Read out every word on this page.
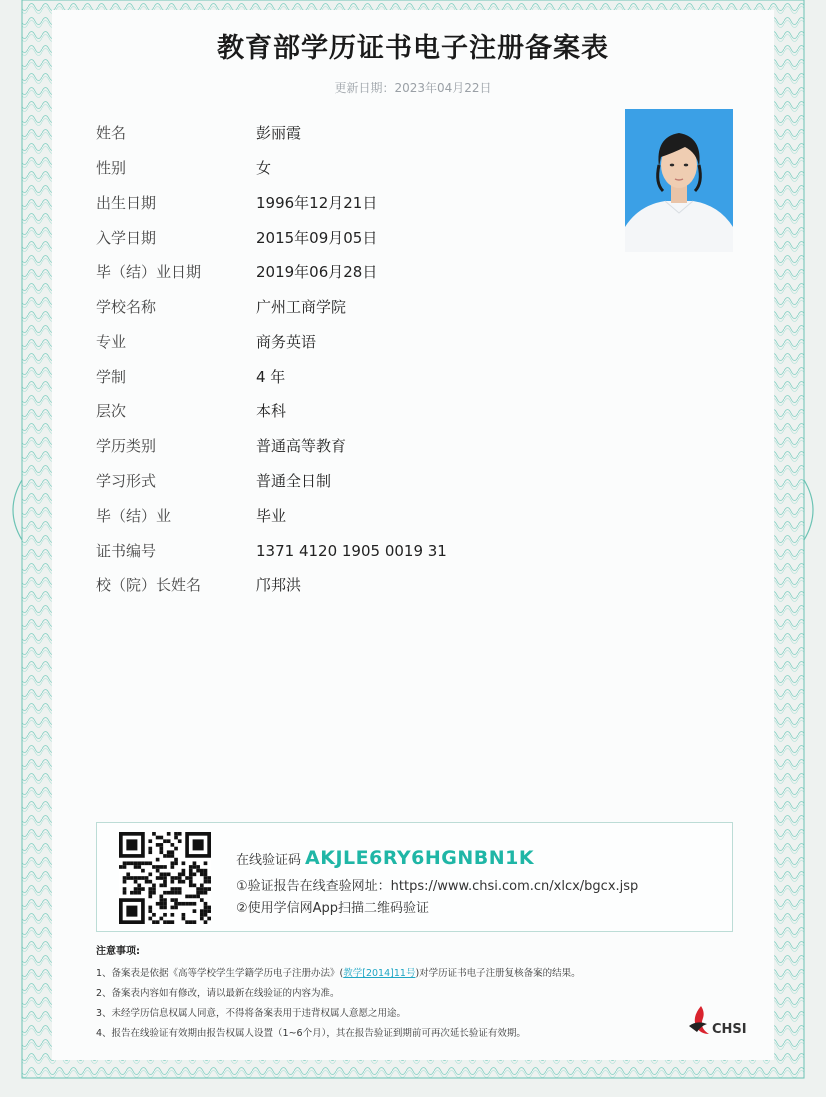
教育部学历证书电子注册备案表
更新日期：2023年04月22日
姓名	彭丽霞
性别	女
出生日期	1996年12月21日
入学日期	2015年09月05日
毕（结）业日期	2019年06月28日
学校名称	广州工商学院
专业	商务英语
学制	4 年
层次	本科
学历类别	普通高等教育
学习形式	普通全日制
毕（结）业	毕业
证书编号	1371 4120 1905 0019 31
校（院）长姓名	邝邦洪
在线验证码 AKJLE6RY6HGNBN1K
①验证报告在线查验网址：https://www.chsi.com.cn/xlcx/bgcx.jsp
②使用学信网App扫描二维码验证
注意事项:
1、备案表是依据《高等学校学生学籍学历电子注册办法》(教学[2014]11号)对学历证书电子注册复核备案的结果。
2、备案表内容如有修改，请以最新在线验证的内容为准。
3、未经学历信息权属人同意，不得将备案表用于违背权属人意愿之用途。
4、报告在线验证有效期由报告权属人设置（1~6个月），其在报告验证到期前可再次延长验证有效期。	CHSI
